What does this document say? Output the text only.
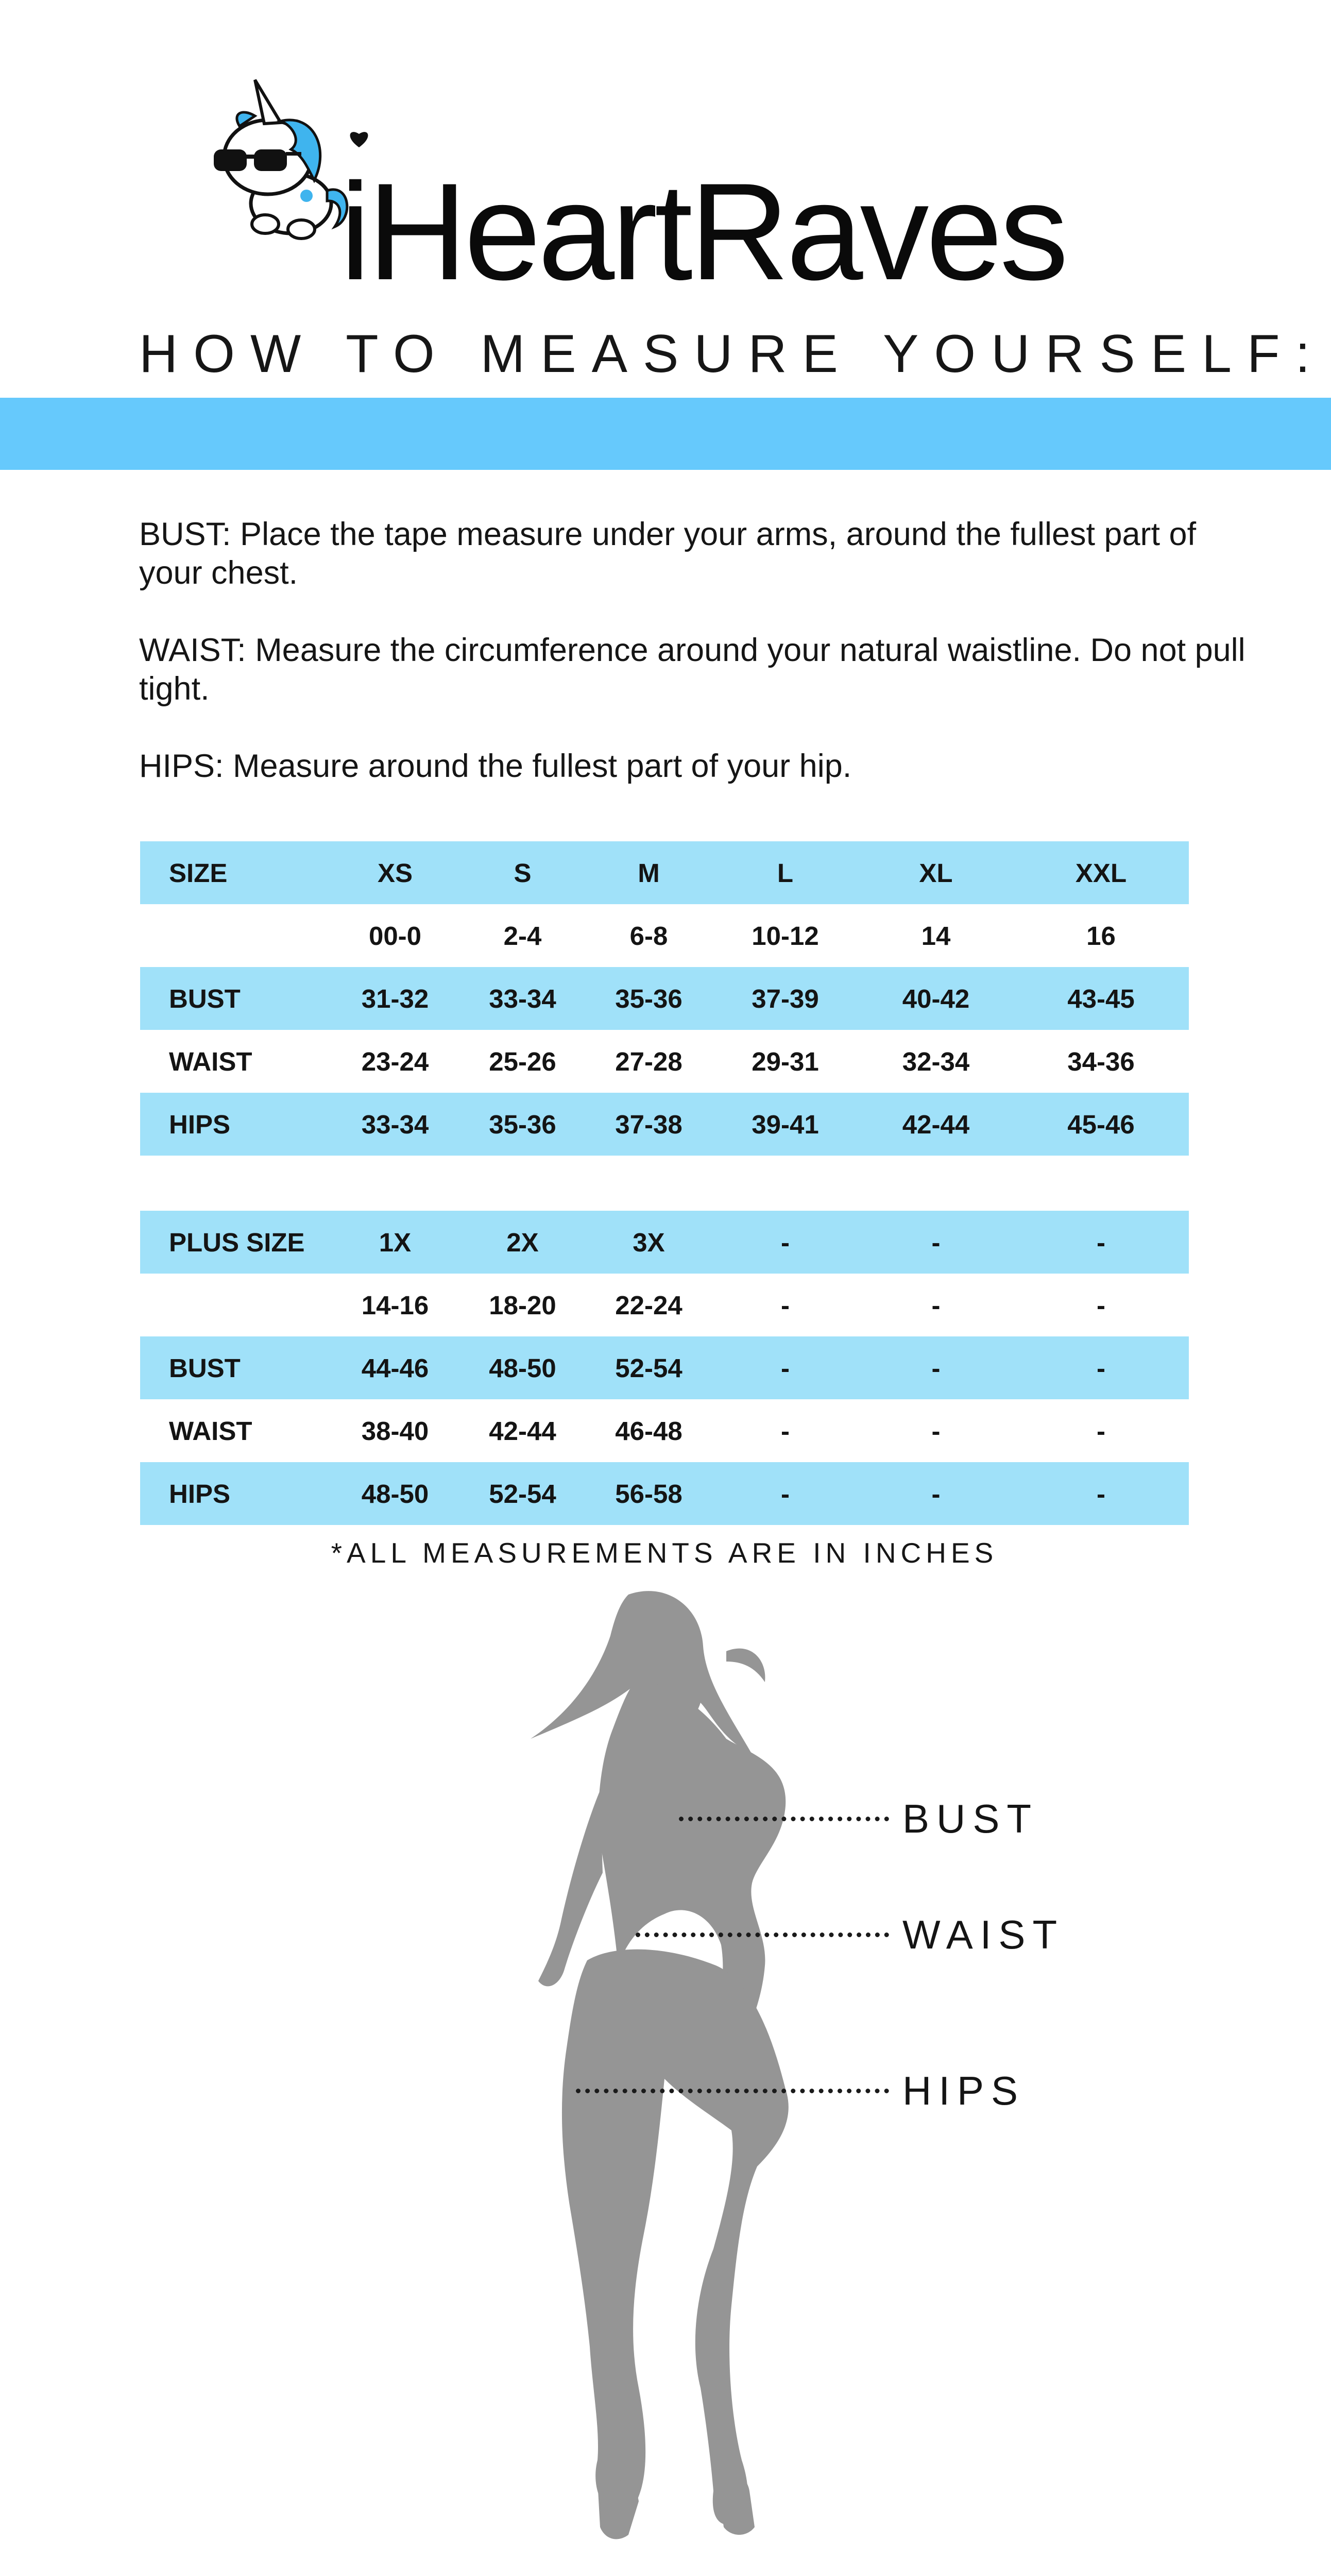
iHeartRaves
HOW TO MEASURE YOURSELF:

BUST: Place the tape measure under your arms, around the fullest part of your chest.

WAIST: Measure the circumference around your natural waistline. Do not pull tight.

HIPS: Measure around the fullest part of your hip.

SIZE	XS	S	M	L	XL	XXL
	00-0	2-4	6-8	10-12	14	16
BUST	31-32	33-34	35-36	37-39	40-42	43-45
WAIST	23-24	25-26	27-28	29-31	32-34	34-36
HIPS	33-34	35-36	37-38	39-41	42-44	45-46
PLUS SIZE	1X	2X	3X	-	-	-
	14-16	18-20	22-24	-	-	-
BUST	44-46	48-50	52-54	-	-	-
WAIST	38-40	42-44	46-48	-	-	-
HIPS	48-50	52-54	56-58	-	-	-
*ALL MEASUREMENTS ARE IN INCHES
BUST
WAIST
HIPS
